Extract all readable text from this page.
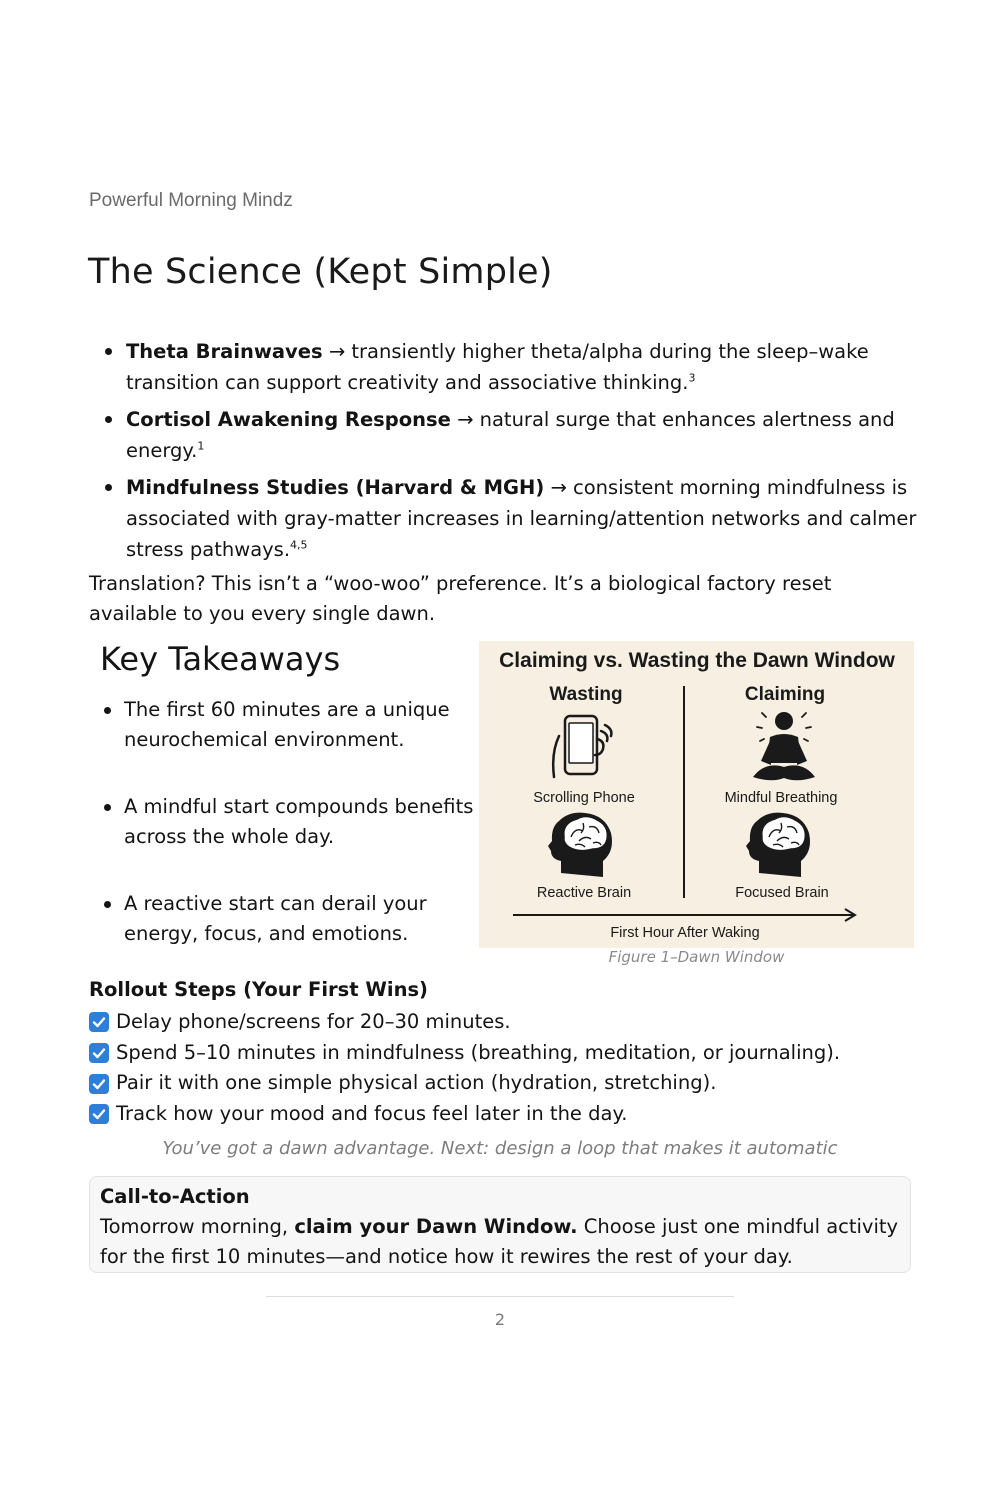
Powerful Morning Mindz
The Science (Kept Simple)
Theta Brainwaves → transiently higher theta/alpha during the sleep–wake transition can support creativity and associative thinking.$^3$
Cortisol Awakening Response → natural surge that enhances alertness and energy.$^1$
Mindfulness Studies (Harvard & MGH) → consistent morning mindfulness is associated with gray-matter increases in learning/attention networks and calmer stress pathways.$^{4,5}$

Translation? This isn’t a “woo-woo” preference. It’s a biological factory reset available to you every single dawn.

Key Takeaways
The first 60 minutes are a unique neurochemical environment.
A mindful start compounds benefits across the whole day.
A reactive start can derail your energy, focus, and emotions.
Claiming vs. Wasting the Dawn Window
Wasting	Claiming
Scrolling Phone	Mindful Breathing
Reactive Brain	Focused Brain
First Hour After Waking
Figure 1–Dawn Window

Rollout Steps (Your First Wins)

Delay phone/screens for 20–30 minutes.
Spend 5–10 minutes in mindfulness (breathing, meditation, or journaling).
Pair it with one simple physical action (hydration, stretching).
Track how your mood and focus feel later in the day.
You’ve got a dawn advantage. Next: design a loop that makes it automatic

Call-to-Action

Tomorrow morning, claim your Dawn Window. Choose just one mindful activity for the first 10 minutes—and notice how it rewires the rest of your day.

2
